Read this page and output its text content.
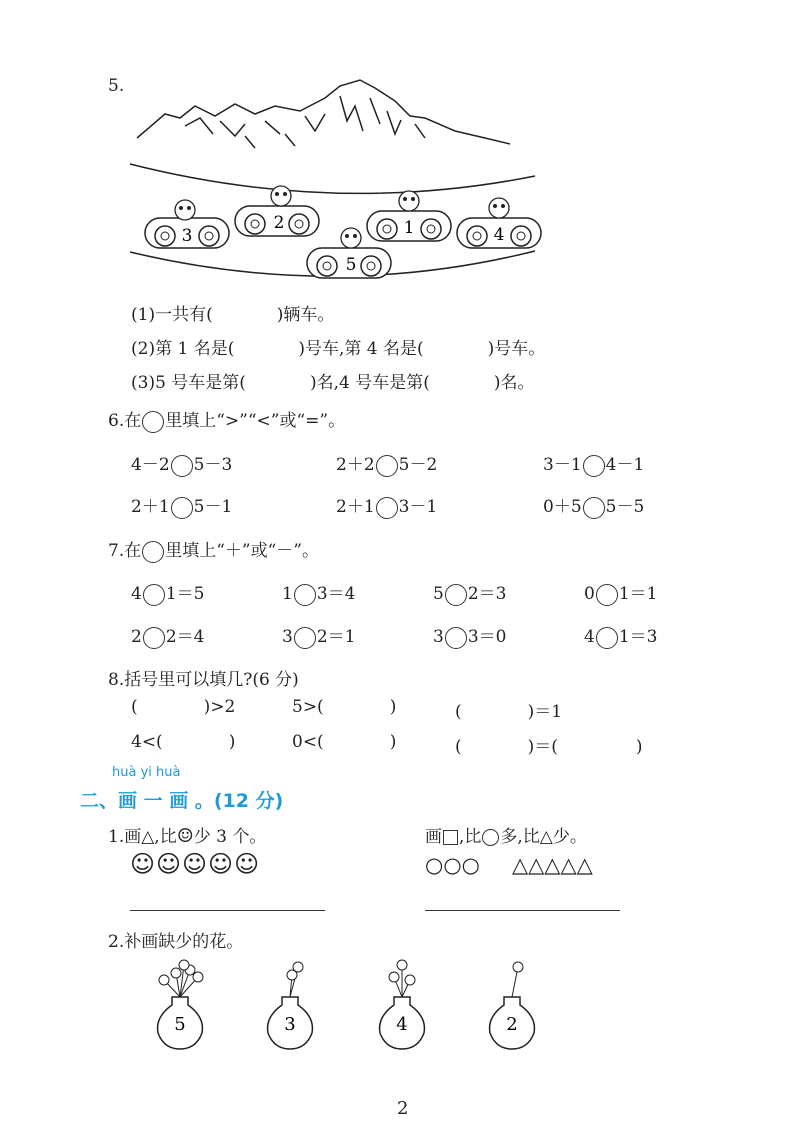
5.
3
2	1	4
5
(1)一共有(	)辆车。
(2)第 1 名是(	)号车,第 4 名是(	)号车。
(3)5 号车是第(	)名,4 号车是第(	)名。
6.在 里填上“>”“<”或“=”。
4－2 5－3	2＋2 5－2	3－1 4－1
2＋1 5－1	2＋1 3－1	0＋5 5－5
7.在 里填上“＋”或“－”。
4 1＝5	1 3＝4	5 2＝3	0 1＝1
2 2＝4	3 2＝1	3 3＝0	4 1＝3
8.括号里可以填几?(6 分)
(	)>2	5>(	)	(	)＝1
4<(	)	0<(	)	(	)＝(	)
huà yi huà
二、画 一 画 。(12 分)
1.画△,比☺少 3 个。
☺☺☺☺☺
画 ,比 多,比△少。
○○○ △△△△△
2.补画缺少的花。
5	3	4	2
2
